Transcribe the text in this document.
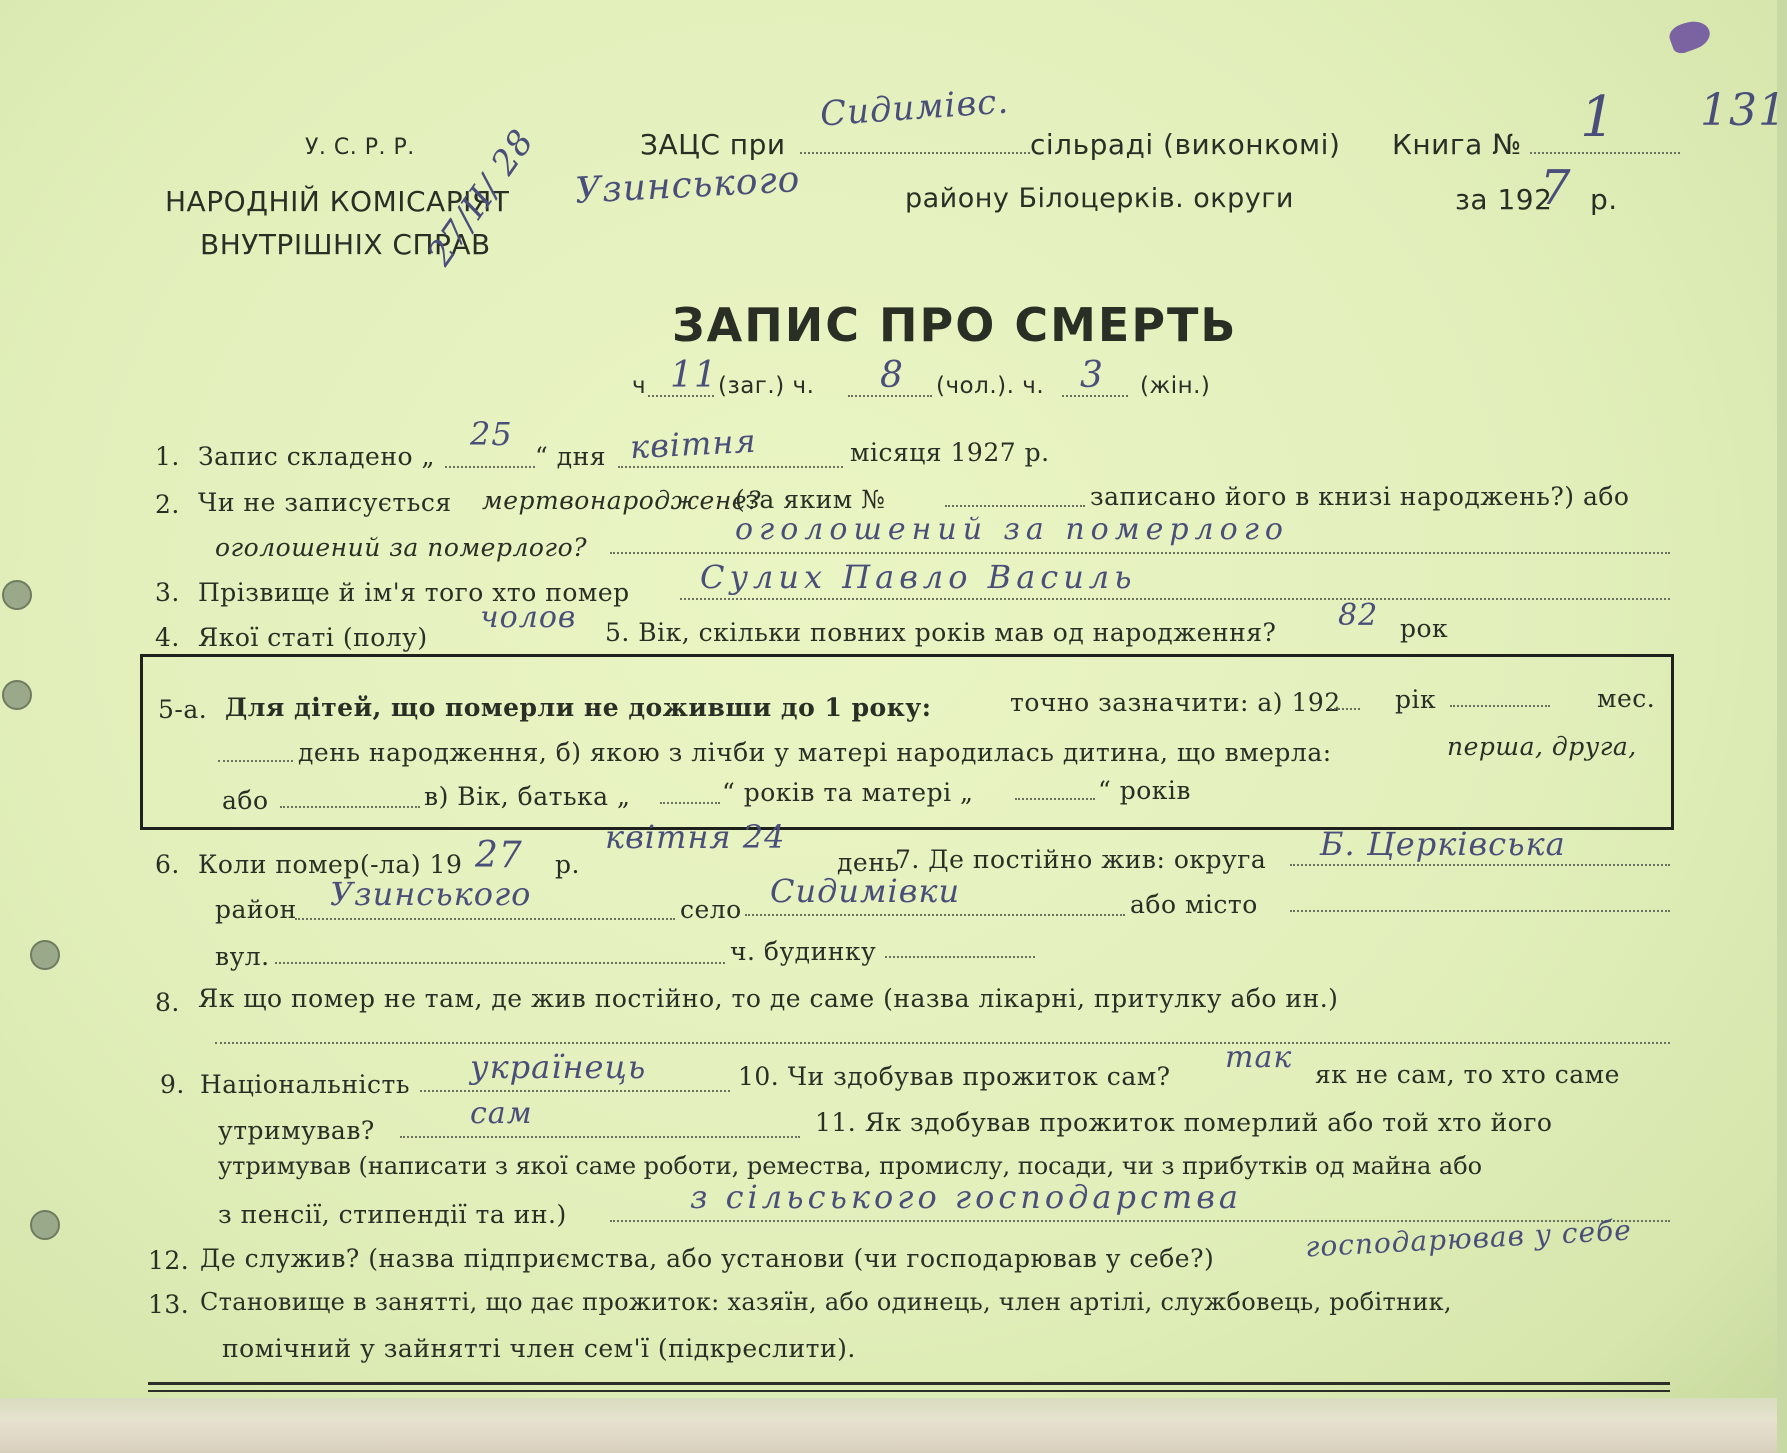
У. С. Р. Р.
НАРОДНІЙ КОМІСАРІЯТ
ВНУТРІШНІХ СПРАВ
ЗАЦС при
Сидимівс.
сільраді (виконкомі)
Узинського	району Білоцерків. округи
Книга № 1 131
за 192
7 р.
27/II/ 28
ЗАПИС ПРО СМЕРТЬ
ч 11 (заг.) ч. 8 (чол.). ч. 3 (жін.)
1. Запис складено „
25
“ дня квітня	місяця 1927 р.
2. Чи не записується мертвонароджене?
(за яким №	записано його в книзі народжень?) або
оголошений за померлого?
оголошений за померлого
3. Прізвище й ім'я того хто помер Сулих Павло Василь
4. Якої статі (полу)
чолов 5. Вік, скільки повних років мав од народження? 82 рок
5-а. Для дітей, що померли не доживши до 1 року:	точно зазначити: а) 192 рік	мес.
день народження, б) якою з лічби у матері народилась дитина, що вмерла:	перша, друга,
або	в) Вік, батька „	“ років та матері „	“ років
6. Коли помер(-ла) 19 27 р.
квітня 24
день
7. Де постійно жив: округа Б. Церківська
район Узинського	село Сидимівки	або місто
вул.	ч. будинку
8. Як що помер не там, де жив постійно, то де саме (назва лікарні, притулку або ин.)
9. Національність українець	10. Чи здобував прожиток сам?
так як не сам, то хто саме
утримував?	сам	11. Як здобував прожиток померлий або той хто його
утримував (написати з якої саме роботи, ремества, промислу, посади, чи з прибутків од майна або
з пенсії, стипендії та ин.)	з сільського господарства
12. Де служив? (назва підприємства, або установи (чи господарював у себе?)	господарював у себе
13. Становище в занятті, що дає прожиток: хазяїн, або одинець, член артілі, службовець, робітник,
помічний у зайнятті член сем'ї (підкреслити).
